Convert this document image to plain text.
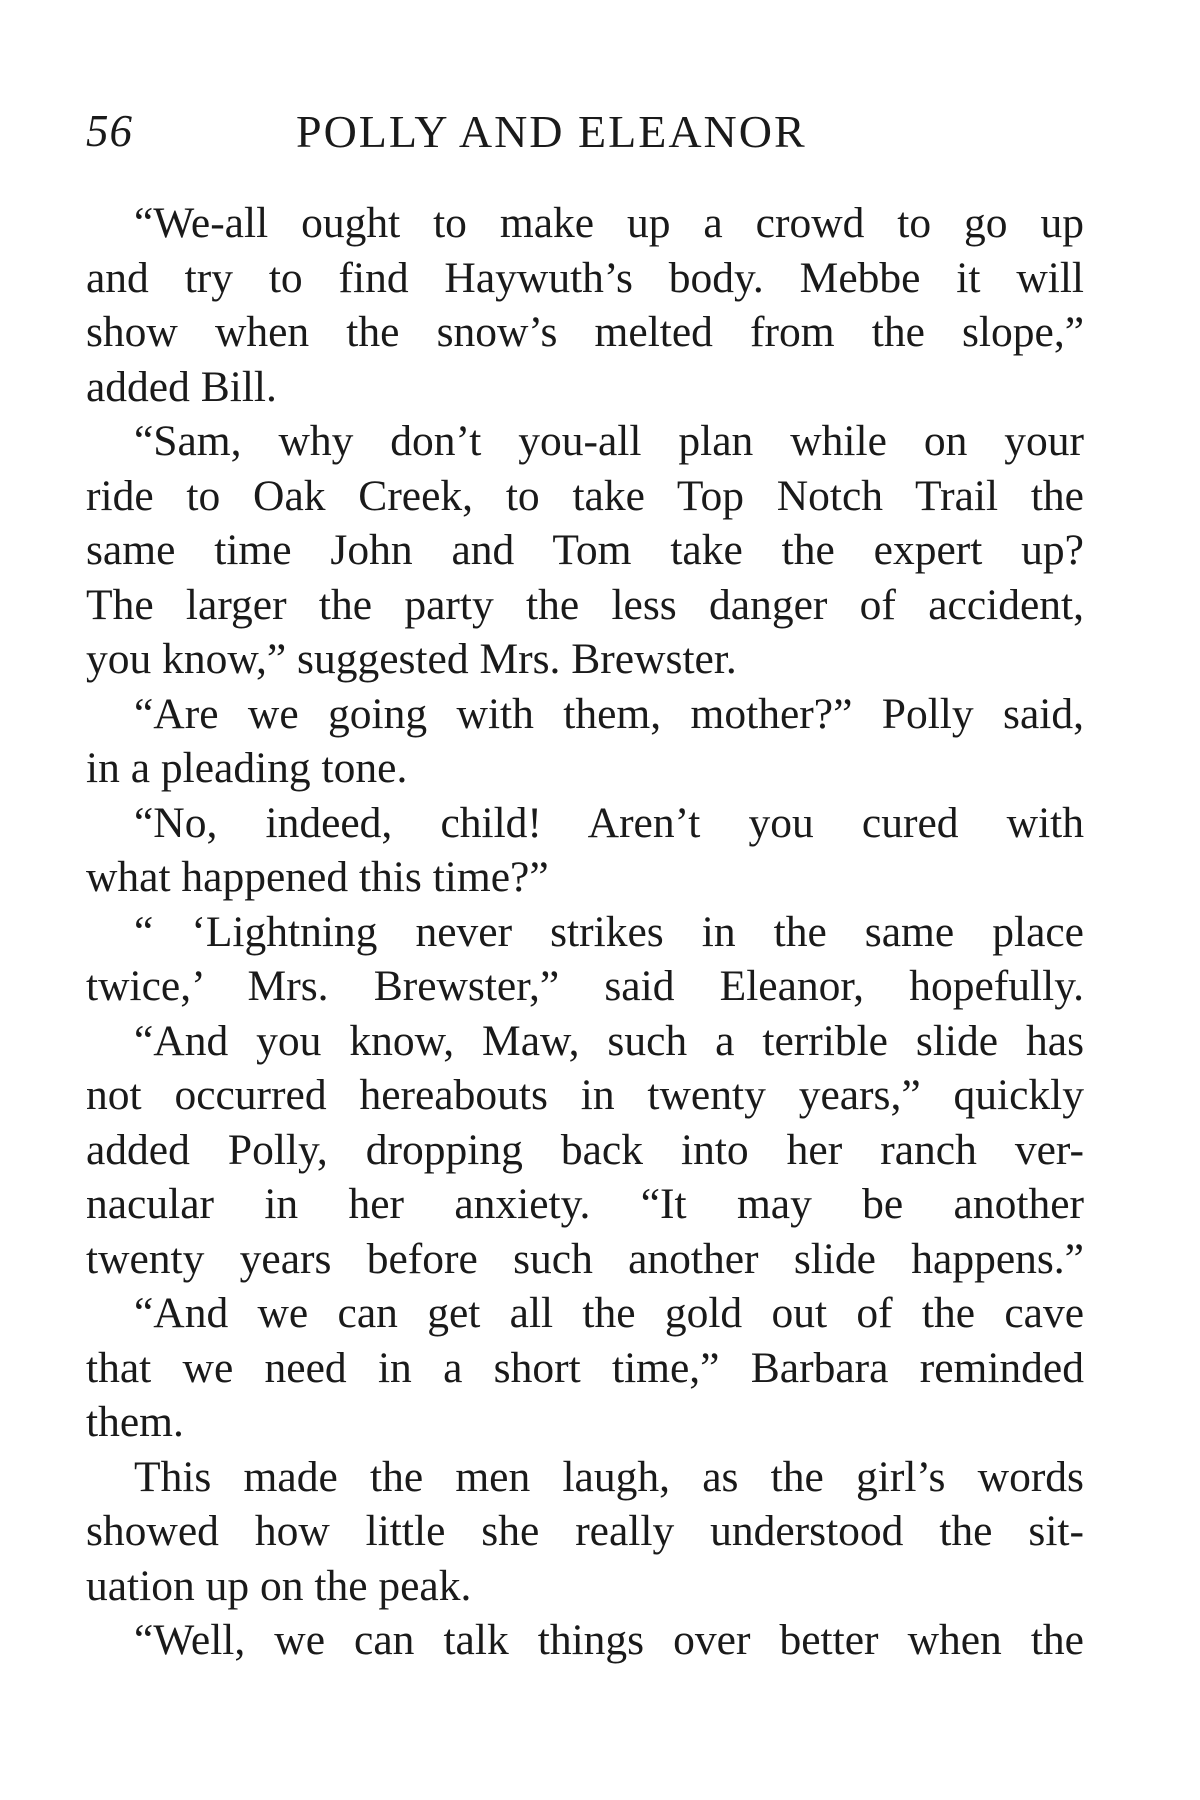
56	POLLY AND ELEANOR
“We-all ought to make up a crowd to go up
and try to find Haywuth’s body. Mebbe it will
show when the snow’s melted from the slope,”
added Bill.
“Sam, why don’t you-all plan while on your
ride to Oak Creek, to take Top Notch Trail the
same time John and Tom take the expert up?
The larger the party the less danger of accident,
you know,” suggested Mrs. Brewster.
“Are we going with them, mother?” Polly said,
in a pleading tone.
“No, indeed, child! Aren’t you cured with
what happened this time?”
“ ‘Lightning never strikes in the same place
twice,’ Mrs. Brewster,” said Eleanor, hopefully.
“And you know, Maw, such a terrible slide has
not occurred hereabouts in twenty years,” quickly
added Polly, dropping back into her ranch ver-
nacular in her anxiety. “It may be another
twenty years before such another slide happens.”
“And we can get all the gold out of the cave
that we need in a short time,” Barbara reminded
them.
This made the men laugh, as the girl’s words
showed how little she really understood the sit-
uation up on the peak.
“Well, we can talk things over better when the
